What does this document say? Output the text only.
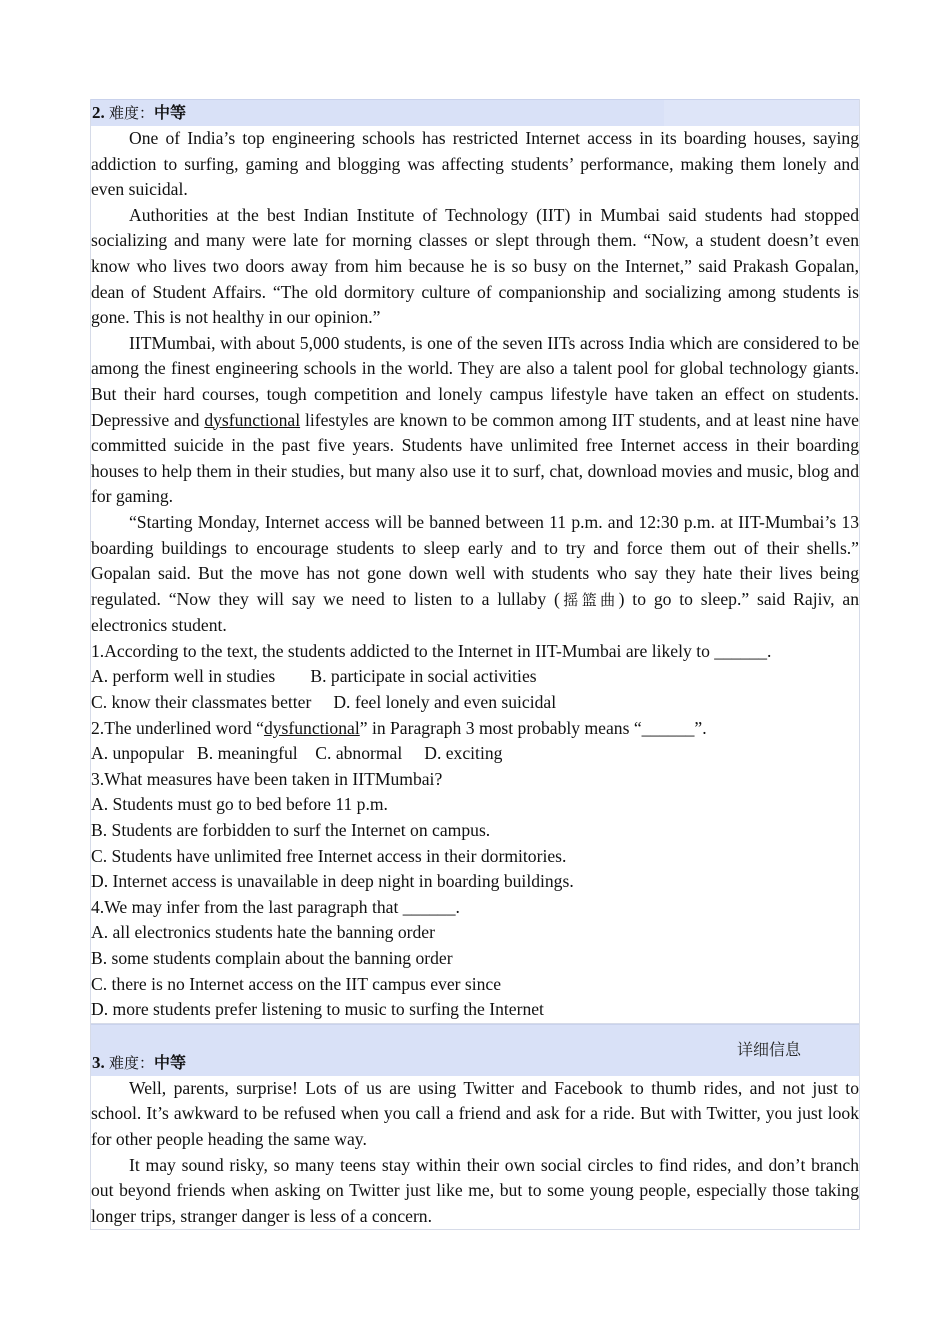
2. 难度：中等

One of India’s top engineering schools has restricted Internet access in its boarding houses, saying addiction to surfing, gaming and blogging was affecting students’ performance, making them lonely and even suicidal.

Authorities at the best Indian Institute of Technology (IIT) in Mumbai said students had stopped socializing and many were late for morning classes or slept through them. “Now, a student doesn’t even know who lives two doors away from him because he is so busy on the Internet,” said Prakash Gopalan, dean of Student Affairs. “The old dormitory culture of companionship and socializing among students is gone. This is not healthy in our opinion.”

IITMumbai, with about 5,000 students, is one of the seven IITs across India which are considered to be among the finest engineering schools in the world. They are also a talent pool for global technology giants. But their hard courses, tough competition and lonely campus lifestyle have taken an effect on students. Depressive and dysfunctional lifestyles are known to be common among IIT students, and at least nine have committed suicide in the past five years. Students have unlimited free Internet access in their boarding houses to help them in their studies, but many also use it to surf, chat, download movies and music, blog and for gaming.

“Starting Monday, Internet access will be banned between 11 p.m. and 12:30 p.m. at IIT-Mumbai’s 13 boarding buildings to encourage students to sleep early and to try and force them out of their shells.” Gopalan said. But the move has not gone down well with students who say they hate their lives being regulated. “Now they will say we need to listen to a lullaby (摇篮曲) to go to sleep.” said Rajiv, an electronics student.

1.According to the text, the students addicted to the Internet in IIT-Mumbai are likely to ______.

A. perform well in studies        B. participate in social activities

C. know their classmates better     D. feel lonely and even suicidal

2.The underlined word “dysfunctional” in Paragraph 3 most probably means “______”.

A. unpopular   B. meaningful    C. abnormal     D. exciting

3.What measures have been taken in IITMumbai?

A. Students must go to bed before 11 p.m.

B. Students are forbidden to surf the Internet on campus.

C. Students have unlimited free Internet access in their dormitories.

D. Internet access is unavailable in deep night in boarding buildings.

4.We may infer from the last paragraph that ______.

A. all electronics students hate the banning order

B. some students complain about the banning order

C. there is no Internet access on the IIT campus ever since

D. more students prefer listening to music to surfing the Internet

详细信息
3. 难度：中等

Well, parents, surprise! Lots of us are using Twitter and Facebook to thumb rides, and not just to school. It’s awkward to be refused when you call a friend and ask for a ride. But with Twitter, you just look for other people heading the same way.

It may sound risky, so many teens stay within their own social circles to find rides, and don’t branch out beyond friends when asking on Twitter just like me, but to some young people, especially those taking longer trips, stranger danger is less of a concern.
